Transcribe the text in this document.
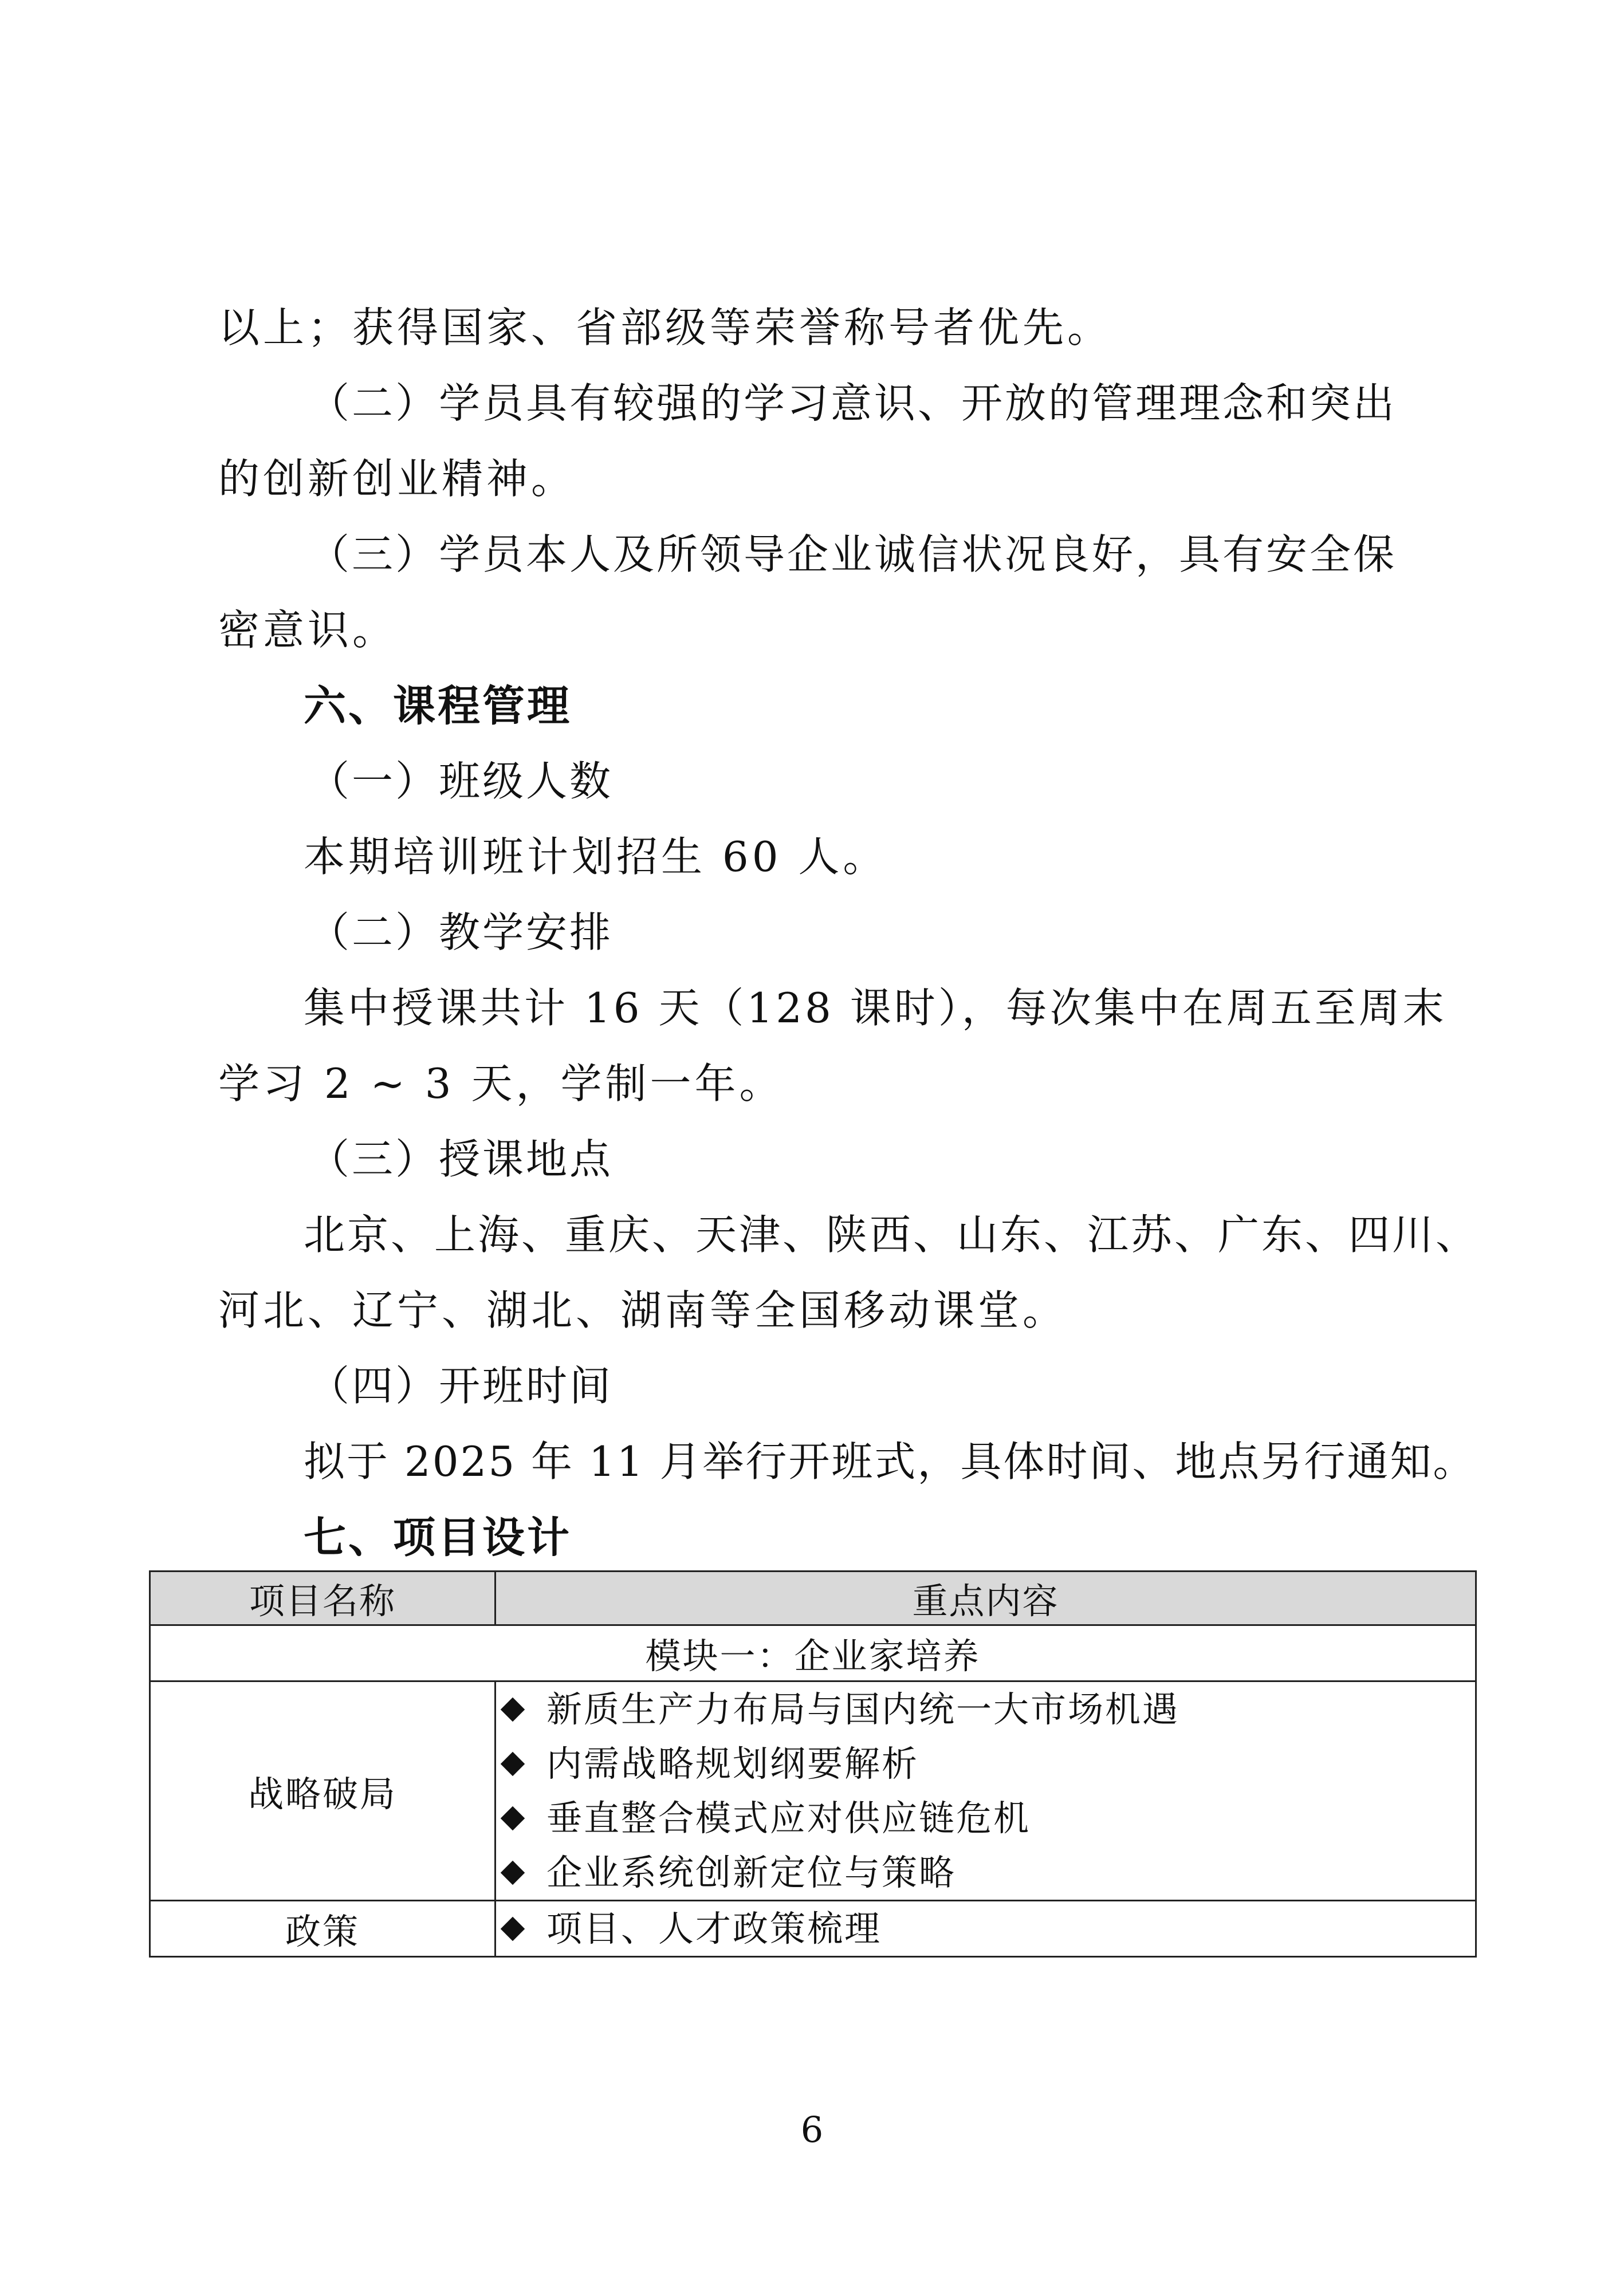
以上；获得国家、省部级等荣誉称号者优先。
（二）学员具有较强的学习意识、开放的管理理念和突出
的创新创业精神。
（三）学员本人及所领导企业诚信状况良好，具有安全保
密意识。
六、课程管理
（一）班级人数
本期培训班计划招生 60 人。
（二）教学安排
集中授课共计 16 天（128 课时），每次集中在周五至周末
学习 2 ~ 3 天，学制一年。
（三）授课地点
北京、上海、重庆、天津、陕西、山东、江苏、广东、四川、
河北、辽宁、湖北、湖南等全国移动课堂。
（四）开班时间
拟于 2025 年 11 月举行开班式，具体时间、地点另行通知。
七、项目设计
项目名称	重点内容
模块一：企业家培养	
战略破局	新质生产力布局与国内统一大市场机遇
内需战略规划纲要解析
垂直整合模式应对供应链危机
企业系统创新定位与策略

政策	项目、人才政策梳理
6
